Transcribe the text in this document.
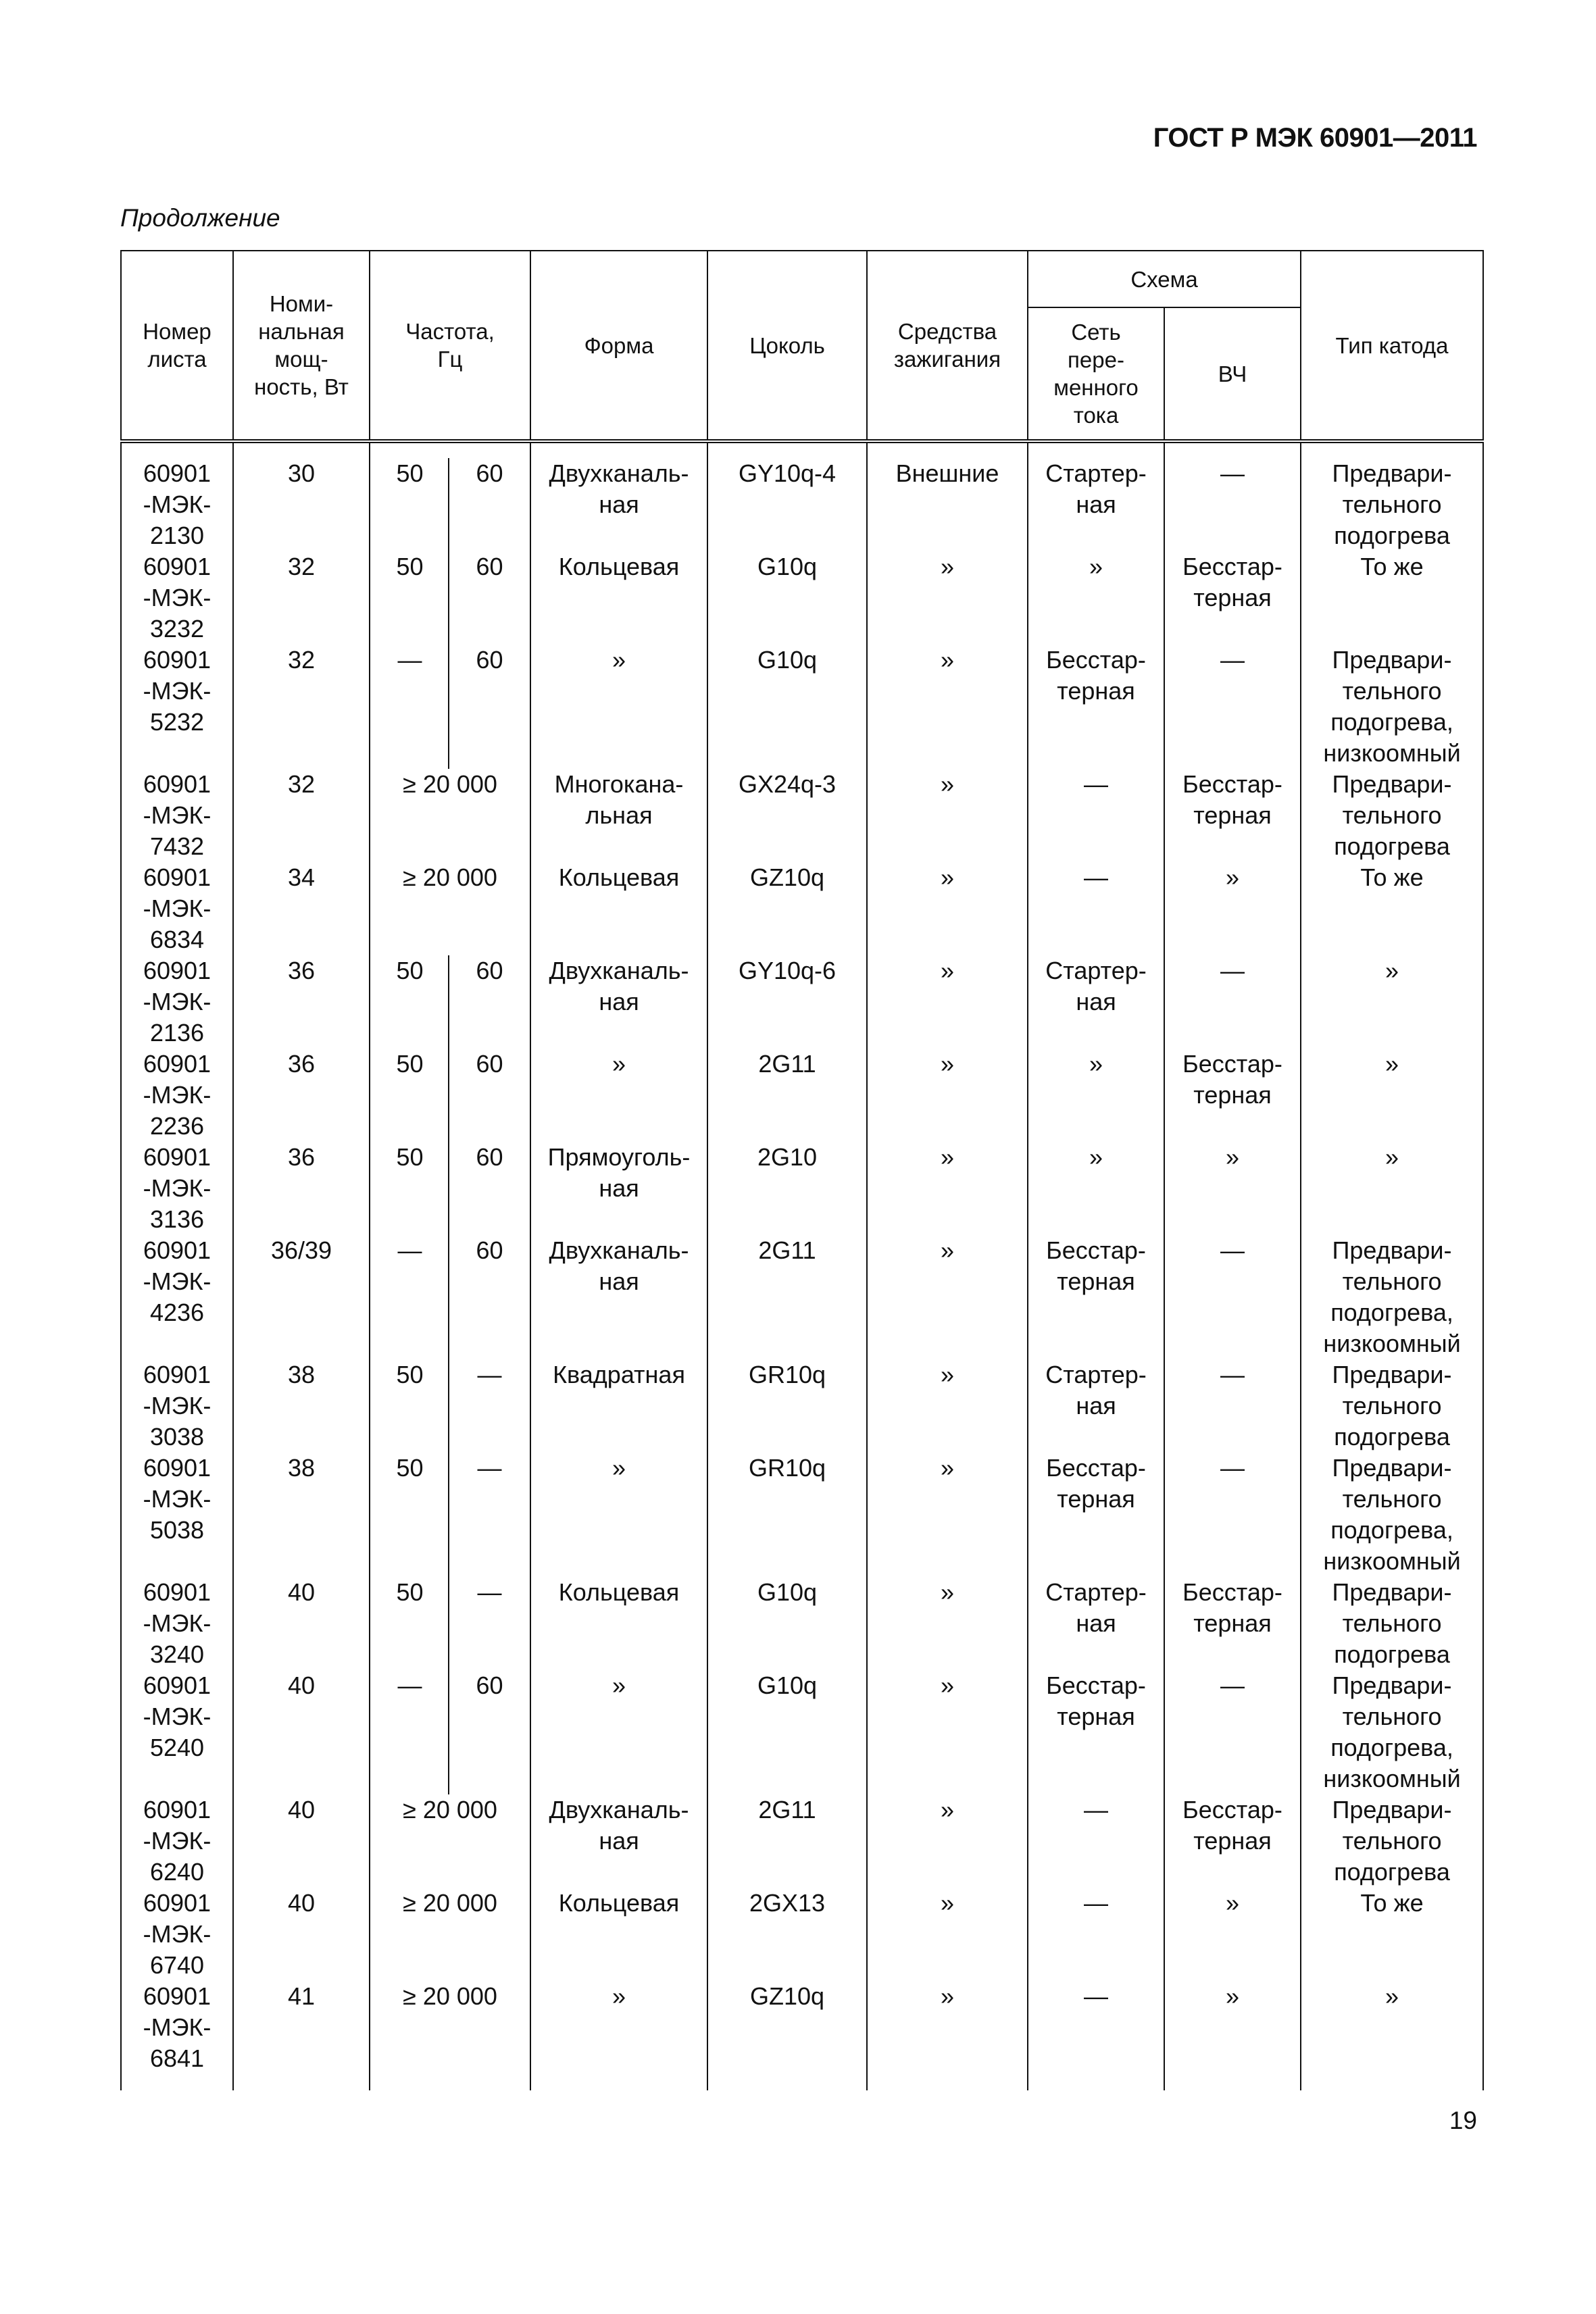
ГОСТ Р МЭК 60901—2011
Продолжение
Номер
листа	Номи-
нальная
мощ-
ность, Вт	Частота,
Гц		Форма	Цоколь	Средства
зажигания	Схема		Тип катода

							Сеть
пере-
менного
тока	ВЧ	

60901
-МЭК-
2130	30	50	60	Двухканаль-
ная	GY10q-4	Внешние	Стартер-
ная	—	Предвари-
тельного
подогрева

60901
-МЭК-
3232	32	50	60	Кольцевая	G10q	»	»	Бесстар-
терная	То же

60901
-МЭК-
5232	32	—	60	»	G10q	»	Бесстар-
терная	—	Предвари-
тельного
подогрева,
низкоомный

60901
-МЭК-
7432	32	≥ 20 000		Многокана-
льная	GX24q-3	»	—	Бесстар-
терная	Предвари-
тельного
подогрева

60901
-МЭК-
6834	34	≥ 20 000		Кольцевая	GZ10q	»	—	»	То же

60901
-МЭК-
2136	36	50	60	Двухканаль-
ная	GY10q-6	»	Стартер-
ная	—	»

60901
-МЭК-
2236	36	50	60	»	2G11	»	»	Бесстар-
терная	»

60901
-МЭК-
3136	36	50	60	Прямоуголь-
ная	2G10	»	»	»	»

60901
-МЭК-
4236	36/39	—	60	Двухканаль-
ная	2G11	»	Бесстар-
терная	—	Предвари-
тельного
подогрева,
низкоомный

60901
-МЭК-
3038	38	50	—	Квадратная	GR10q	»	Стартер-
ная	—	Предвари-
тельного
подогрева

60901
-МЭК-
5038	38	50	—	»	GR10q	»	Бесстар-
терная	—	Предвари-
тельного
подогрева,
низкоомный

60901
-МЭК-
3240	40	50	—	Кольцевая	G10q	»	Стартер-
ная	Бесстар-
терная	Предвари-
тельного
подогрева

60901
-МЭК-
5240	40	—	60	»	G10q	»	Бесстар-
терная	—	Предвари-
тельного
подогрева,
низкоомный

60901
-МЭК-
6240	40	≥ 20 000		Двухканаль-
ная	2G11	»	—	Бесстар-
терная	Предвари-
тельного
подогрева

60901
-МЭК-
6740	40	≥ 20 000		Кольцевая	2GX13	»	—	»	То же

60901
-МЭК-
6841	41	≥ 20 000		»	GZ10q	»	—	»	»

19
